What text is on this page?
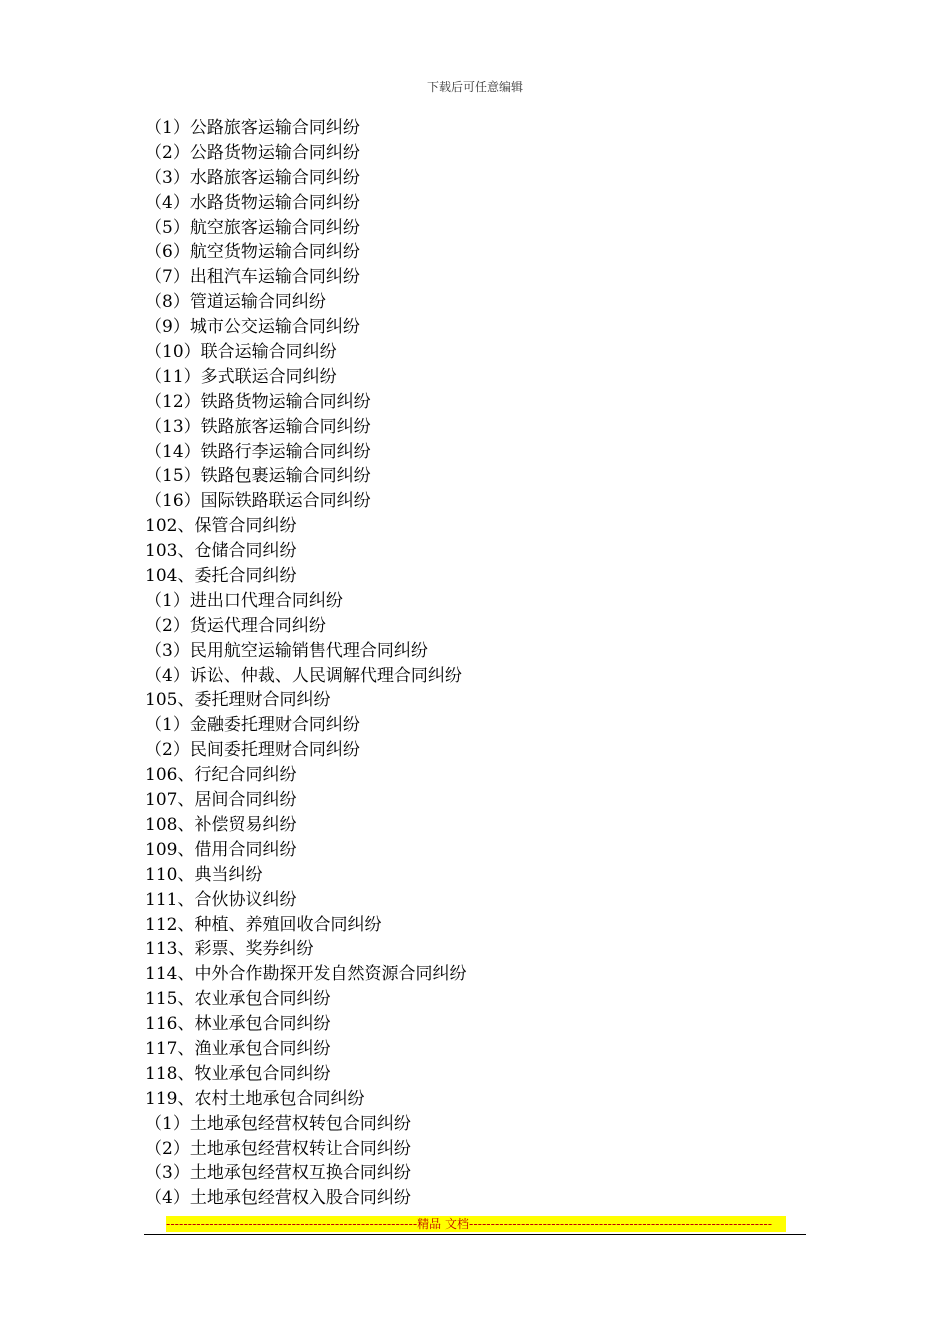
下载后可任意编辑
（1）公路旅客运输合同纠纷
（2）公路货物运输合同纠纷
（3）水路旅客运输合同纠纷
（4）水路货物运输合同纠纷
（5）航空旅客运输合同纠纷
（6）航空货物运输合同纠纷
（7）出租汽车运输合同纠纷
（8）管道运输合同纠纷
（9）城市公交运输合同纠纷
（10）联合运输合同纠纷
（11）多式联运合同纠纷
（12）铁路货物运输合同纠纷
（13）铁路旅客运输合同纠纷
（14）铁路行李运输合同纠纷
（15）铁路包裹运输合同纠纷
（16）国际铁路联运合同纠纷
102、保管合同纠纷
103、仓储合同纠纷
104、委托合同纠纷
（1）进出口代理合同纠纷
（2）货运代理合同纠纷
（3）民用航空运输销售代理合同纠纷
（4）诉讼、仲裁、人民调解代理合同纠纷
105、委托理财合同纠纷
（1）金融委托理财合同纠纷
（2）民间委托理财合同纠纷
106、行纪合同纠纷
107、居间合同纠纷
108、补偿贸易纠纷
109、借用合同纠纷
110、典当纠纷
111、合伙协议纠纷
112、种植、养殖回收合同纠纷
113、彩票、奖券纠纷
114、中外合作勘探开发自然资源合同纠纷
115、农业承包合同纠纷
116、林业承包合同纠纷
117、渔业承包合同纠纷
118、牧业承包合同纠纷
119、农村土地承包合同纠纷
（1）土地承包经营权转包合同纠纷
（2）土地承包经营权转让合同纠纷
（3）土地承包经营权互换合同纠纷
（4）土地承包经营权入股合同纠纷
----------------------------------------------------------精品 文档----------------------------------------------------------------------
